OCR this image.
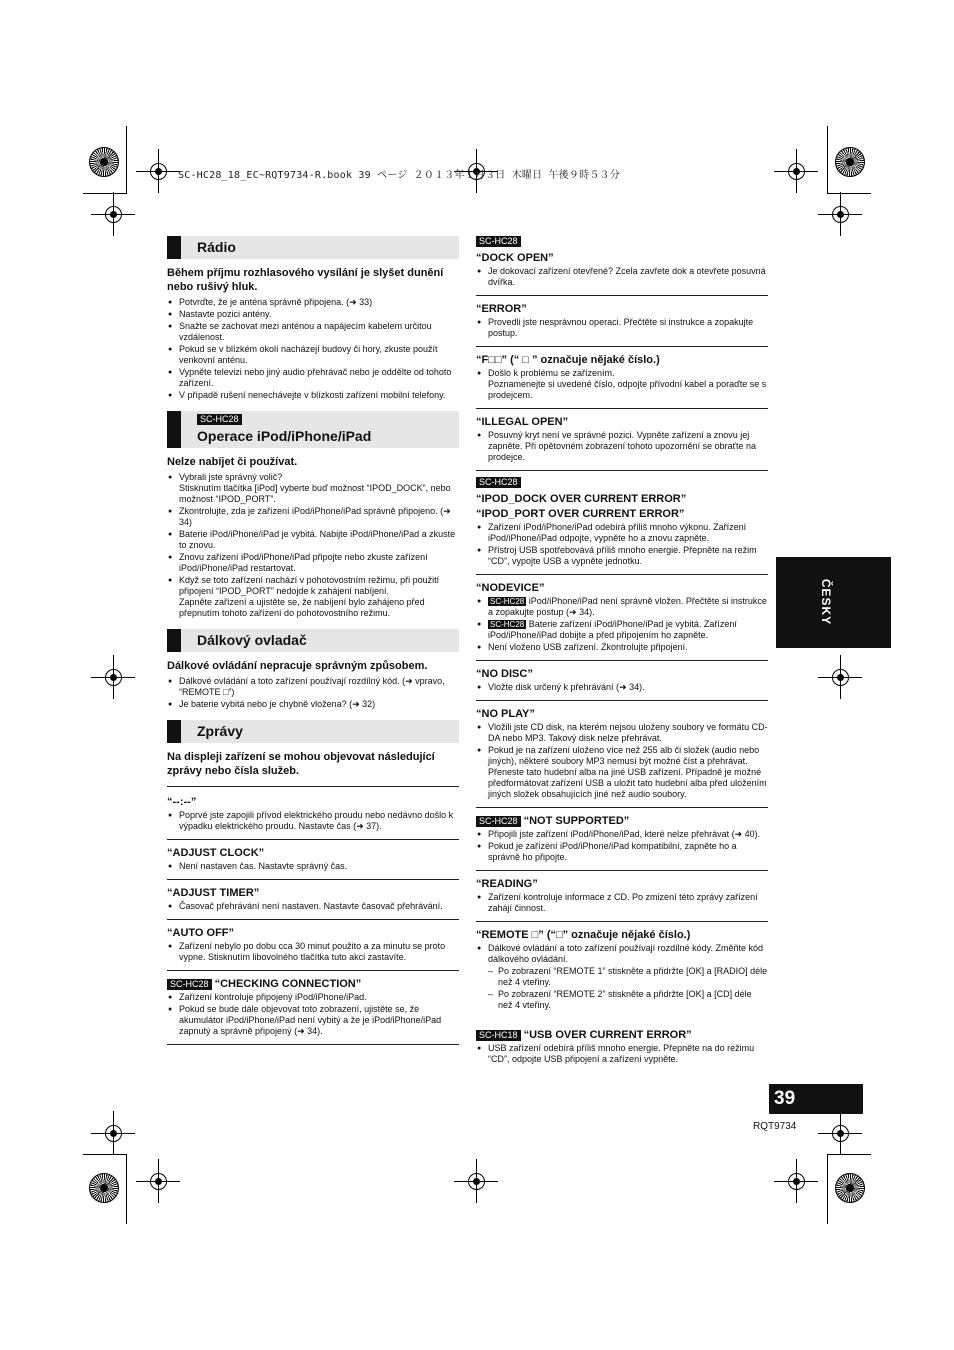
SC-HC28_18_EC~RQT9734-R.book 39 ページ ２０１３年１月３日 木曜日 午後９時５３分
Rádio
Během příjmu rozhlasového vysílání je slyšet dunění nebo rušivý hluk.
● Potvrďte, že je anténa správně připojena. (➜ 33)
● Nastavte pozici antény.
● Snažte se zachovat mezi anténou a napájecím kabelem určitou vzdálenost.
● Pokud se v blízkém okolí nacházejí budovy či hory, zkuste použít venkovní anténu.
● Vypněte televizi nebo jiný audio přehrávač nebo je oddělte od tohoto zařízení.
● V případě rušení nenechávejte v blízkosti zařízení mobilní telefony.
SC-HC28
Operace iPod/iPhone/iPad
Nelze nabíjet či používat.
● Vybrali jste správný volič?
Stisknutím tlačítka [iPod] vyberte buď možnost “IPOD_DOCK”, nebo možnost “IPOD_PORT”.
● Zkontrolujte, zda je zařízení iPod/iPhone/iPad správně připojeno. (➜ 34)
● Baterie iPod/iPhone/iPad je vybitá. Nabijte iPod/iPhone/iPad a zkuste to znovu.
● Znovu zařízení iPod/iPhone/iPad připojte nebo zkuste zařízení iPod/iPhone/iPad restartovat.
● Když se toto zařízení nachází v pohotovostním režimu, při použití připojení “IPOD_PORT” nedojde k zahájení nabíjení.
Zapněte zařízení a ujistěte se, že nabíjení bylo zahájeno před přepnutím tohoto zařízení do pohotovostního režimu.
Dálkový ovladač
Dálkové ovládání nepracuje správným způsobem.
● Dálkové ovládání a toto zařízení používají rozdílný kód. (➜ vpravo, “REMOTE □”)
● Je baterie vybitá nebo je chybně vložena? (➜ 32)
Zprávy
Na displeji zařízení se mohou objevovat následující zprávy nebo čísla služeb.
“--:--”
● Poprvé jste zapojili přívod elektrického proudu nebo nedávno došlo k výpadku elektrického proudu. Nastavte čas (➜ 37).
“ADJUST CLOCK”
● Není nastaven čas. Nastavte správný čas.
“ADJUST TIMER”
● Časovač přehrávání není nastaven. Nastavte časovač přehrávání.
“AUTO OFF”
● Zařízení nebylo po dobu cca 30 minut použito a za minutu se proto vypne. Stisknutím libovolného tlačítka tuto akci zastavíte.
SC-HC28 “CHECKING CONNECTION”
● Zařízení kontroluje připojený iPod/iPhone/iPad.
● Pokud se bude dále objevovat toto zobrazení, ujistěte se, že akumulátor iPod/iPhone/iPad není vybitý a že je iPod/iPhone/iPad zapnutý a správně připojený (➜ 34).
SC-HC28
“DOCK OPEN”
● Je dokovací zařízení otevřené? Zcela zavřete dok a otevřete posuvná dvířka.
“ERROR”
● Provedli jste nesprávnou operaci. Přečtěte si instrukce a zopakujte postup.
“F□□” (“ □ ” označuje nějaké číslo.)
● Došlo k problému se zařízením.
Poznamenejte si uvedené číslo, odpojte přívodní kabel a poraďte se s prodejcem.
“ILLEGAL OPEN”
● Posuvný kryt není ve správné pozici. Vypněte zařízení a znovu jej zapněte. Při opětovném zobrazení tohoto upozornění se obraťte na prodejce.
SC-HC28
“IPOD_DOCK OVER CURRENT ERROR”
“IPOD_PORT OVER CURRENT ERROR”
● Zařízení iPod/iPhone/iPad odebírá příliš mnoho výkonu. Zařízení iPod/iPhone/iPad odpojte, vypněte ho a znovu zapněte.
● Přístroj USB spotřebovává příliš mnoho energie. Přepněte na režim “CD”, vypojte USB a vypněte jednotku.
“NODEVICE”
● SC-HC28 iPod/iPhone/iPad není správně vložen. Přečtěte si instrukce a zopakujte postup (➜ 34).
● SC-HC28 Baterie zařízení iPod/iPhone/iPad je vybitá. Zařízení iPod/iPhone/iPad dobijte a před připojením ho zapněte.
● Není vloženo USB zařízení. Zkontrolujte připojení.
“NO DISC”
● Vložte disk určený k přehrávání (➜ 34).
“NO PLAY”
● Vložili jste CD disk, na kterém nejsou uloženy soubory ve formátu CD-DA nebo MP3. Takový disk nelze přehrávat.
● Pokud je na zařízení uloženo více než 255 alb či složek (audio nebo jiných), některé soubory MP3 nemusí být možné číst a přehrávat. Přeneste tato hudební alba na jiné USB zařízení. Případně je možné předformátovat zařízení USB a uložit tato hudební alba před uložením jiných složek obsahujících jiné než audio soubory.
SC-HC28 “NOT SUPPORTED”
● Připojili jste zařízení iPod/iPhone/iPad, které nelze přehrávat (➜ 40).
● Pokud je zařízení iPod/iPhone/iPad kompatibilní, zapněte ho a správně ho připojte.
“READING”
● Zařízení kontroluje informace z CD. Po zmizení této zprávy zařízení zahájí činnost.
“REMOTE □” (“□” označuje nějaké číslo.)
● Dálkové ovládání a toto zařízení používají rozdílné kódy. Změňte kód dálkového ovládání.
– Po zobrazení “REMOTE 1” stiskněte a přidržte [OK] a [RADIO] déle než 4 vteřiny.
– Po zobrazení “REMOTE 2” stiskněte a přidržte [OK] a [CD] déle než 4 vteřiny.
SC-HC18 “USB OVER CURRENT ERROR”
● USB zařízení odebírá příliš mnoho energie. Přepněte na do režimu “CD”, odpojte USB připojení a zařízení vypněte.
ČESKY
39
RQT9734
